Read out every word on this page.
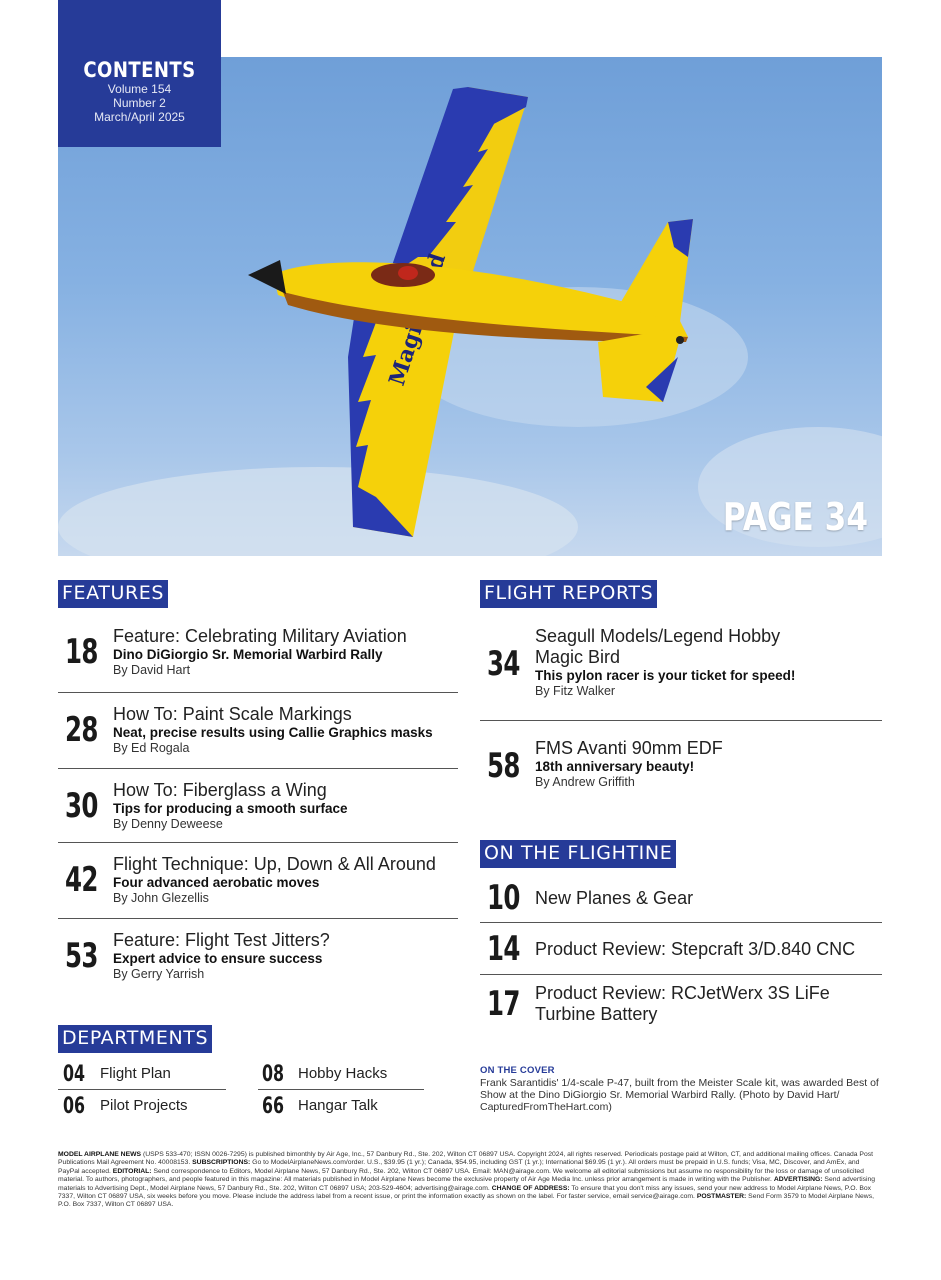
PAGE 34
CONTENTS
Volume 154
Number 2
March/April 2025
FEATURES
18 Feature: Celebrating Military Aviation
Dino DiGiorgio Sr. Memorial Warbird Rally
By David Hart
28 How To: Paint Scale Markings
Neat, precise results using Callie Graphics masks
By Ed Rogala
30 How To: Fiberglass a Wing
Tips for producing a smooth surface
By Denny Deweese
42 Flight Technique: Up, Down & All Around
Four advanced aerobatic moves
By John Glezellis
53 Feature: Flight Test Jitters?
Expert advice to ensure success
By Gerry Yarrish
FLIGHT REPORTS
34
Seagull Models/Legend Hobby
Magic Bird
This pylon racer is your ticket for speed!
By Fitz Walker
58 FMS Avanti 90mm EDF
18th anniversary beauty!
By Andrew Griffith
ON THE FLIGHTINE
10 New Planes & Gear
14 Product Review: Stepcraft 3/D.840 CNC
17 Product Review: RCJetWerx 3S LiFe
Turbine Battery
DEPARTMENTS
04 Flight Plan	08 Hobby Hacks
06 Pilot Projects	66 Hangar Talk
ON THE COVER
Frank Sarantidis' 1/4-scale P-47, built from the Meister Scale kit, was awarded Best of Show at the Dino DiGiorgio Sr. Memorial Warbird Rally. (Photo by David Hart/ CapturedFromTheHart.com)
MODEL AIRPLANE NEWS (USPS 533-470; ISSN 0026-7295) is published bimonthly by Air Age, Inc., 57 Danbury Rd., Ste. 202, Wilton CT 06897 USA. Copyright 2024, all rights reserved. Periodicals postage paid at Wilton, CT, and additional mailing offices. Canada Post Publications Mail Agreement No. 40008153. SUBSCRIPTIONS: Go to ModelAirplaneNews.com/order. U.S., $39.95 (1 yr.); Canada, $54.95, including GST (1 yr.); International $69.95 (1 yr.). All orders must be prepaid in U.S. funds; Visa, MC, Discover, and AmEx, and PayPal accepted. EDITORIAL: Send correspondence to Editors, Model Airplane News, 57 Danbury Rd., Ste. 202, Wilton CT 06897 USA. Email: MAN@airage.com. We welcome all editorial submissions but assume no responsibility for the loss or damage of unsolicited material. To authors, photographers, and people featured in this magazine: All materials published in Model Airplane News become the exclusive property of Air Age Media Inc. unless prior arrangement is made in writing with the Publisher. ADVERTISING: Send advertising materials to Advertising Dept., Model Airplane News, 57 Danbury Rd., Ste. 202, Wilton CT 06897 USA; 203-529-4604; advertising@airage.com. CHANGE OF ADDRESS: To ensure that you don't miss any issues, send your new address to Model Airplane News, P.O. Box 7337, Wilton CT 06897 USA, six weeks before you move. Please include the address label from a recent issue, or print the information exactly as shown on the label. For faster service, email service@airage.com. POSTMASTER: Send Form 3579 to Model Airplane News, P.O. Box 7337, Wilton CT 06897 USA.
